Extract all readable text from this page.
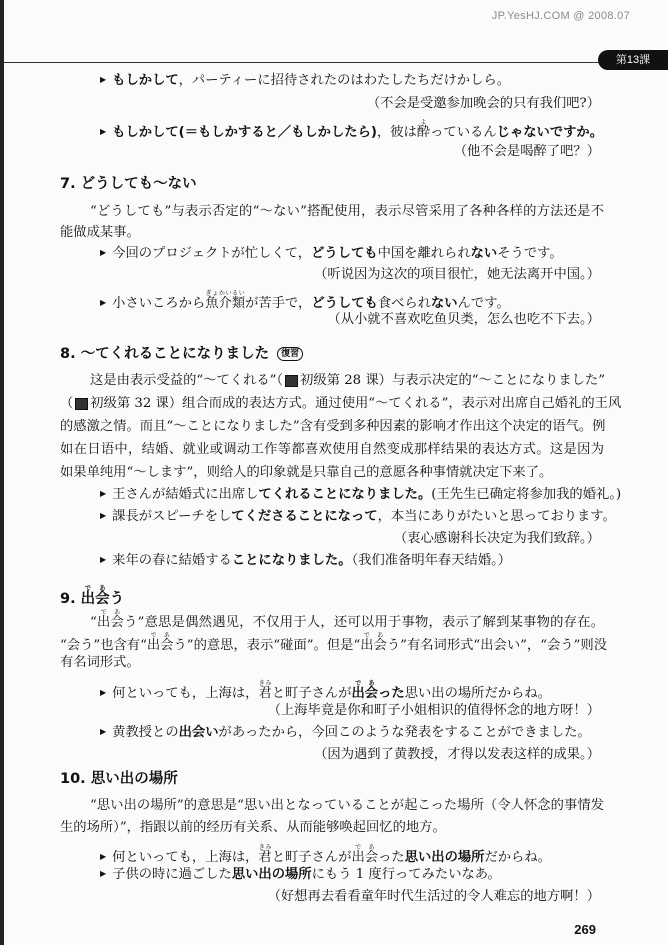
JP.YesHJ.COM @ 2008.07
第13課
▶ もしかして，パーティーに招待されたのはわたしたちだけかしら。
（不会是受邀参加晚会的只有我们吧?）
▶ もしかして(＝もしかすると／もしかしたら)，彼は酔よっているんじゃないですか。
（他不会是喝醉了吧？）
7. どうしても〜ない
“どうしても”与表示否定的“〜ない”搭配使用，表示尽管采用了各种各样的方法还是不
能做成某事。
▶ 今回のプロジェクトが忙しくて，どうしても中国を離れられないそうです。
（听说因为这次的项目很忙，她无法离开中国。）
▶ 小さいころから魚介類ぎょかいるいが苦手で，どうしても食べられないんです。
（从小就不喜欢吃鱼贝类，怎么也吃不下去。）
8. 〜てくれることになりました 復習
这是由表示受益的“〜てくれる”（ 初级第 28 课）与表示决定的“〜ことになりました”
（ 初级第 32 课）组合而成的表达方式。通过使用“〜てくれる”，表示对出席自己婚礼的王风
的感激之情。而且“〜ことになりました”含有受到多种因素的影响才作出这个决定的语气。例
如在日语中，结婚、就业或调动工作等都喜欢使用自然变成那样结果的表达方式。这是因为
如果单纯用“〜します”，则给人的印象就是只靠自己的意愿各种事情就决定下来了。
▶ 王さんが結婚式に出席してくれることになりました。(王先生已确定将参加我的婚礼。)
▶ 課長がスピーチをしてくださることになって，本当にありがたいと思っております。
（衷心感谢科长决定为我们致辞。）
▶ 来年の春に結婚することになりました。（我们准备明年春天结婚。）
9. 出会であう
“出会であう”意思是偶然遇见，不仅用于人，还可以用于事物，表示了解到某事物的存在。
“会う”也含有“出会であう”的意思，表示“碰面”。但是“出会であう”有名词形式“出会い”，“会う”则没
有名词形式。
▶ 何といっても，上海は，君きみと町子さんが出会であった思い出の場所だからね。
（上海毕竟是你和町子小姐相识的值得怀念的地方呀！）
▶ 黄教授との出会いがあったから，今回このような発表をすることができました。
（因为遇到了黄教授，才得以发表这样的成果。）
10. 思い出の場所
“思い出の場所”的意思是“思い出となっていることが起こった場所（令人怀念的事情发
生的场所）”，指跟以前的经历有关系、从而能够唤起回忆的地方。
▶ 何といっても，上海は，君きみと町子さんが出会であった思い出の場所だからね。
▶ 子供の時に過ごした思い出の場所にもう 1 度行ってみたいなあ。
（好想再去看看童年时代生活过的令人难忘的地方啊！）
269
